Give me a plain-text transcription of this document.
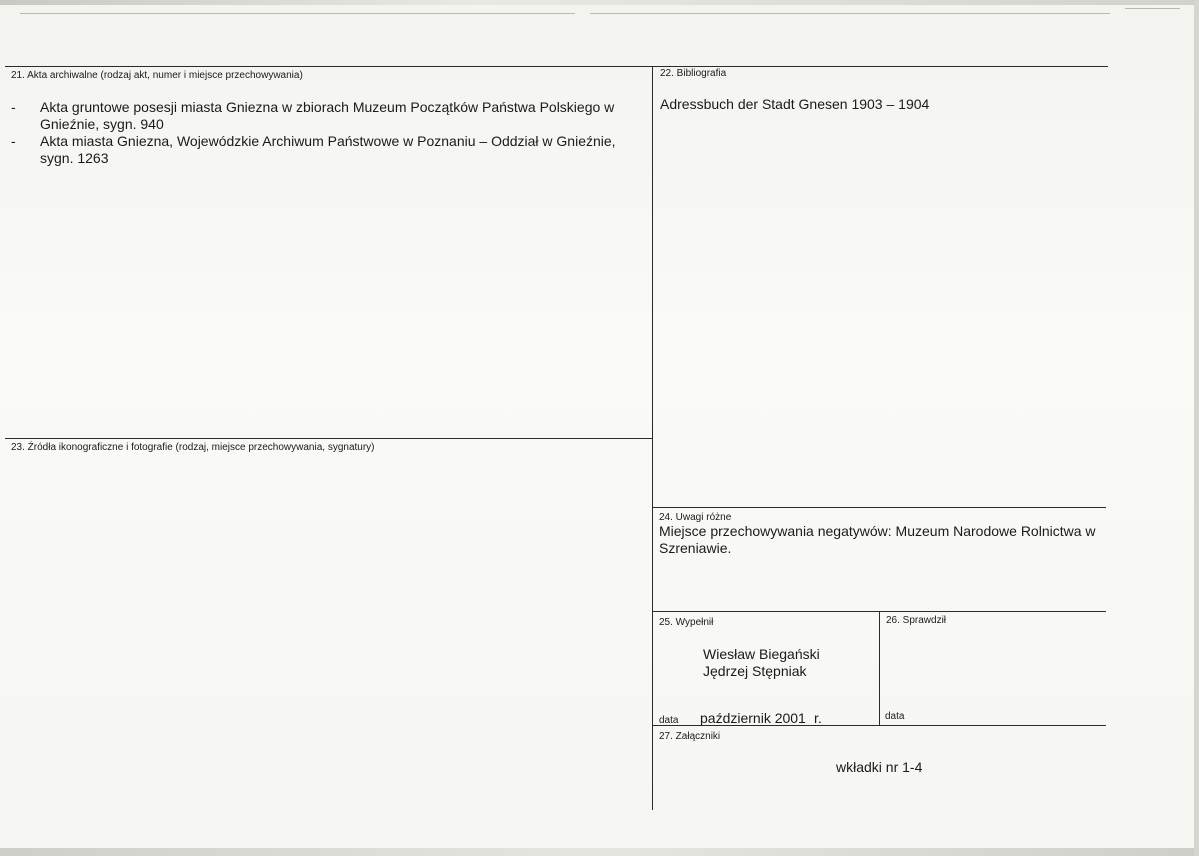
21. Akta archiwalne (rodzaj akt, numer i miejsce przechowywania)
- Akta gruntowe posesji miasta Gniezna w zbiorach Muzeum Początków Państwa Polskiego w Gnieźnie, sygn. 940
- Akta miasta Gniezna, Wojewódzkie Archiwum Państwowe w Poznaniu – Oddział w Gnieźnie, sygn. 1263
22. Bibliografia
Adressbuch der Stadt Gnesen 1903 – 1904
23. Źródła ikonograficzne i fotografie (rodzaj, miejsce przechowywania, sygnatury)
24. Uwagi różne
Miejsce przechowywania negatywów: Muzeum Narodowe Rolnictwa w Szreniawie.
25. Wypełnił
Wiesław Biegański
Jędrzej Stępniak
data październik 2001 r.
26. Sprawdził
data
27. Załączniki
wkładki nr 1-4
